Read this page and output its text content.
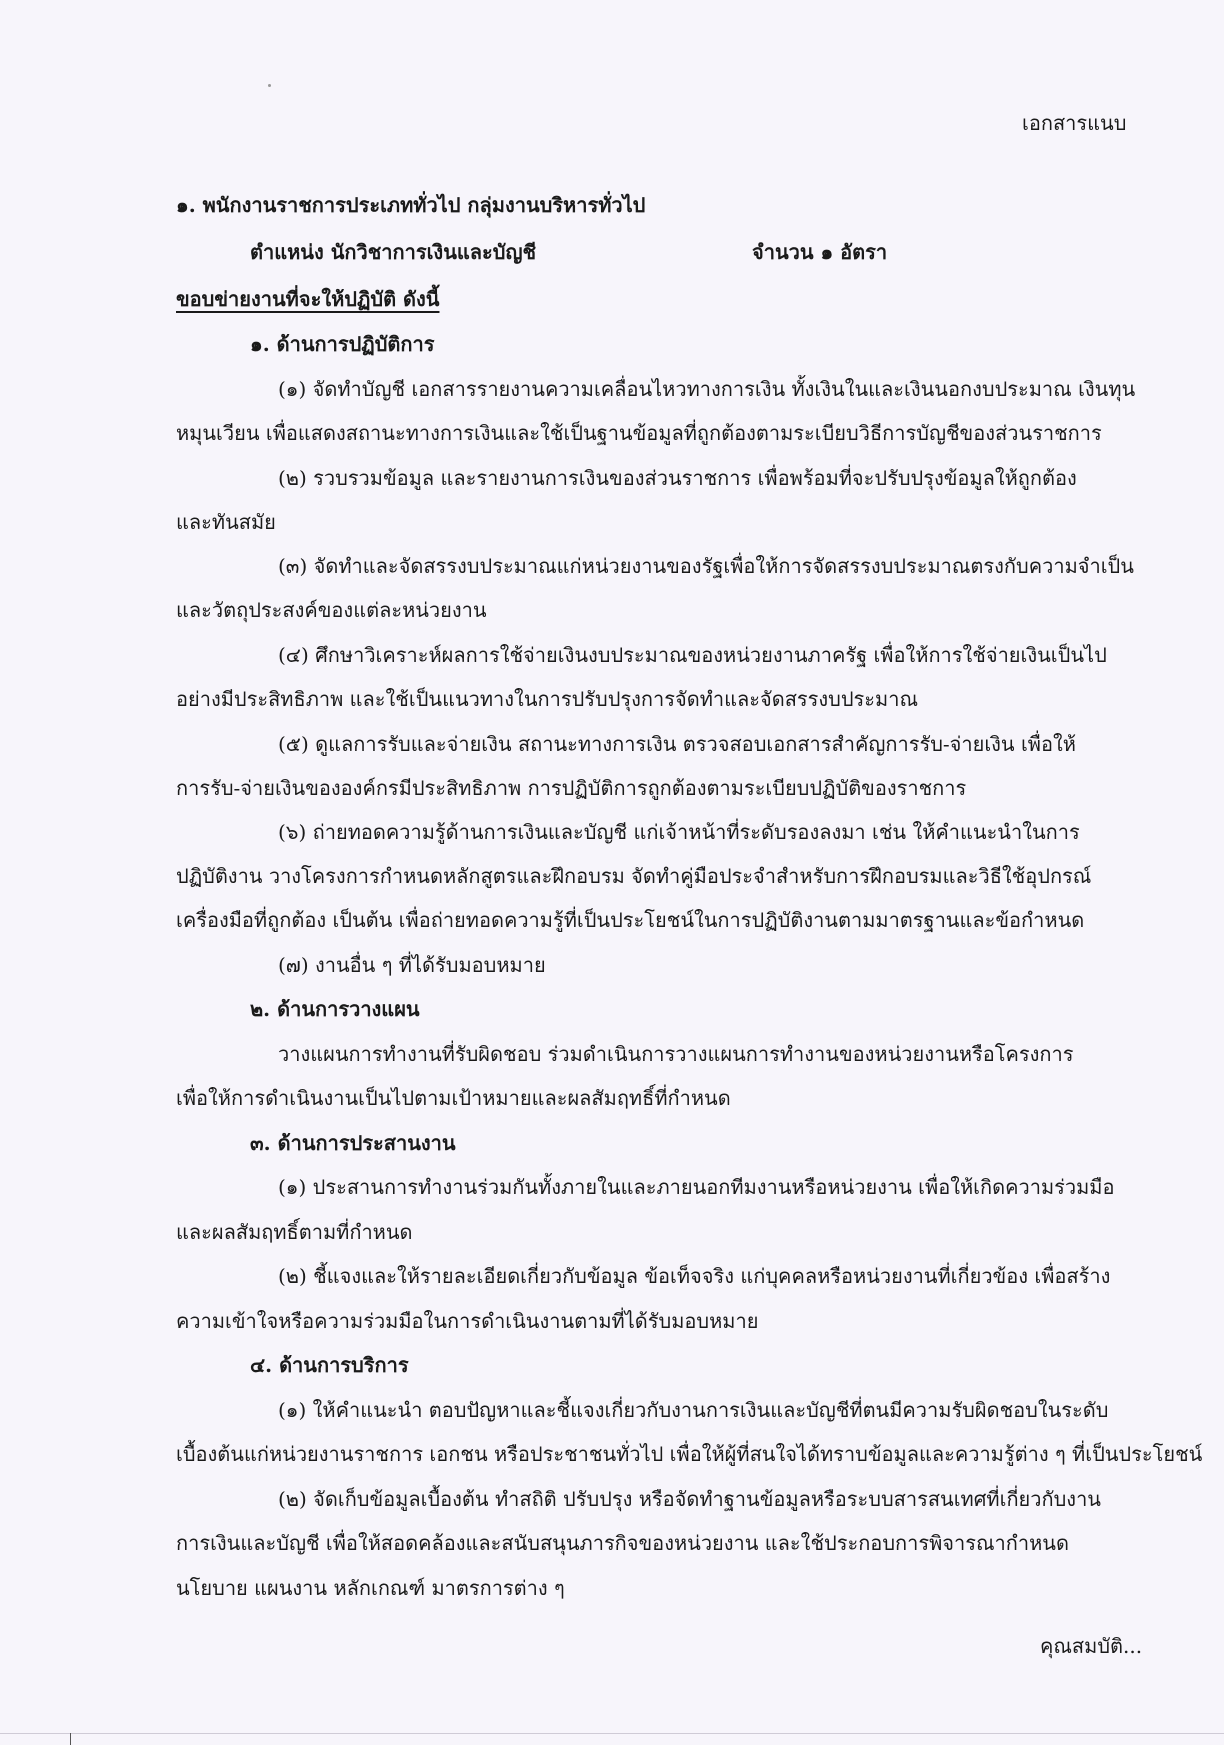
เอกสารแนบ

๑. พนักงานราชการประเภททั่วไป กลุ่มงานบริหารทั่วไป

ตำแหน่ง นักวิชาการเงินและบัญชี	จำนวน ๑ อัตรา

ขอบข่ายงานที่จะให้ปฏิบัติ ดังนี้

๑. ด้านการปฏิบัติการ

(๑) จัดทำบัญชี เอกสารรายงานความเคลื่อนไหวทางการเงิน ทั้งเงินในและเงินนอกงบประมาณ เงินทุน

หมุนเวียน เพื่อแสดงสถานะทางการเงินและใช้เป็นฐานข้อมูลที่ถูกต้องตามระเบียบวิธีการบัญชีของส่วนราชการ

(๒) รวบรวมข้อมูล และรายงานการเงินของส่วนราชการ เพื่อพร้อมที่จะปรับปรุงข้อมูลให้ถูกต้อง

และทันสมัย

(๓) จัดทำและจัดสรรงบประมาณแก่หน่วยงานของรัฐเพื่อให้การจัดสรรงบประมาณตรงกับความจำเป็น

และวัตถุประสงค์ของแต่ละหน่วยงาน

(๔) ศึกษาวิเคราะห์ผลการใช้จ่ายเงินงบประมาณของหน่วยงานภาครัฐ เพื่อให้การใช้จ่ายเงินเป็นไป

อย่างมีประสิทธิภาพ และใช้เป็นแนวทางในการปรับปรุงการจัดทำและจัดสรรงบประมาณ

(๕) ดูแลการรับและจ่ายเงิน สถานะทางการเงิน ตรวจสอบเอกสารสำคัญการรับ-จ่ายเงิน เพื่อให้

การรับ-จ่ายเงินขององค์กรมีประสิทธิภาพ การปฏิบัติการถูกต้องตามระเบียบปฏิบัติของราชการ

(๖) ถ่ายทอดความรู้ด้านการเงินและบัญชี แก่เจ้าหน้าที่ระดับรองลงมา เช่น ให้คำแนะนำในการ

ปฏิบัติงาน วางโครงการกำหนดหลักสูตรและฝึกอบรม จัดทำคู่มือประจำสำหรับการฝึกอบรมและวิธีใช้อุปกรณ์

เครื่องมือที่ถูกต้อง เป็นต้น เพื่อถ่ายทอดความรู้ที่เป็นประโยชน์ในการปฏิบัติงานตามมาตรฐานและข้อกำหนด

(๗) งานอื่น ๆ ที่ได้รับมอบหมาย

๒. ด้านการวางแผน

วางแผนการทำงานที่รับผิดชอบ ร่วมดำเนินการวางแผนการทำงานของหน่วยงานหรือโครงการ

เพื่อให้การดำเนินงานเป็นไปตามเป้าหมายและผลสัมฤทธิ์ที่กำหนด

๓. ด้านการประสานงาน

(๑) ประสานการทำงานร่วมกันทั้งภายในและภายนอกทีมงานหรือหน่วยงาน เพื่อให้เกิดความร่วมมือ

และผลสัมฤทธิ์ตามที่กำหนด

(๒) ชี้แจงและให้รายละเอียดเกี่ยวกับข้อมูล ข้อเท็จจริง แก่บุคคลหรือหน่วยงานที่เกี่ยวข้อง เพื่อสร้าง

ความเข้าใจหรือความร่วมมือในการดำเนินงานตามที่ได้รับมอบหมาย

๔. ด้านการบริการ

(๑) ให้คำแนะนำ ตอบปัญหาและชี้แจงเกี่ยวกับงานการเงินและบัญชีที่ตนมีความรับผิดชอบในระดับ

เบื้องต้นแก่หน่วยงานราชการ เอกชน หรือประชาชนทั่วไป เพื่อให้ผู้ที่สนใจได้ทราบข้อมูลและความรู้ต่าง ๆ ที่เป็นประโยชน์

(๒) จัดเก็บข้อมูลเบื้องต้น ทำสถิติ ปรับปรุง หรือจัดทำฐานข้อมูลหรือระบบสารสนเทศที่เกี่ยวกับงาน

การเงินและบัญชี เพื่อให้สอดคล้องและสนับสนุนภารกิจของหน่วยงาน และใช้ประกอบการพิจารณากำหนด

นโยบาย แผนงาน หลักเกณฑ์ มาตรการต่าง ๆ

คุณสมบัติ...
